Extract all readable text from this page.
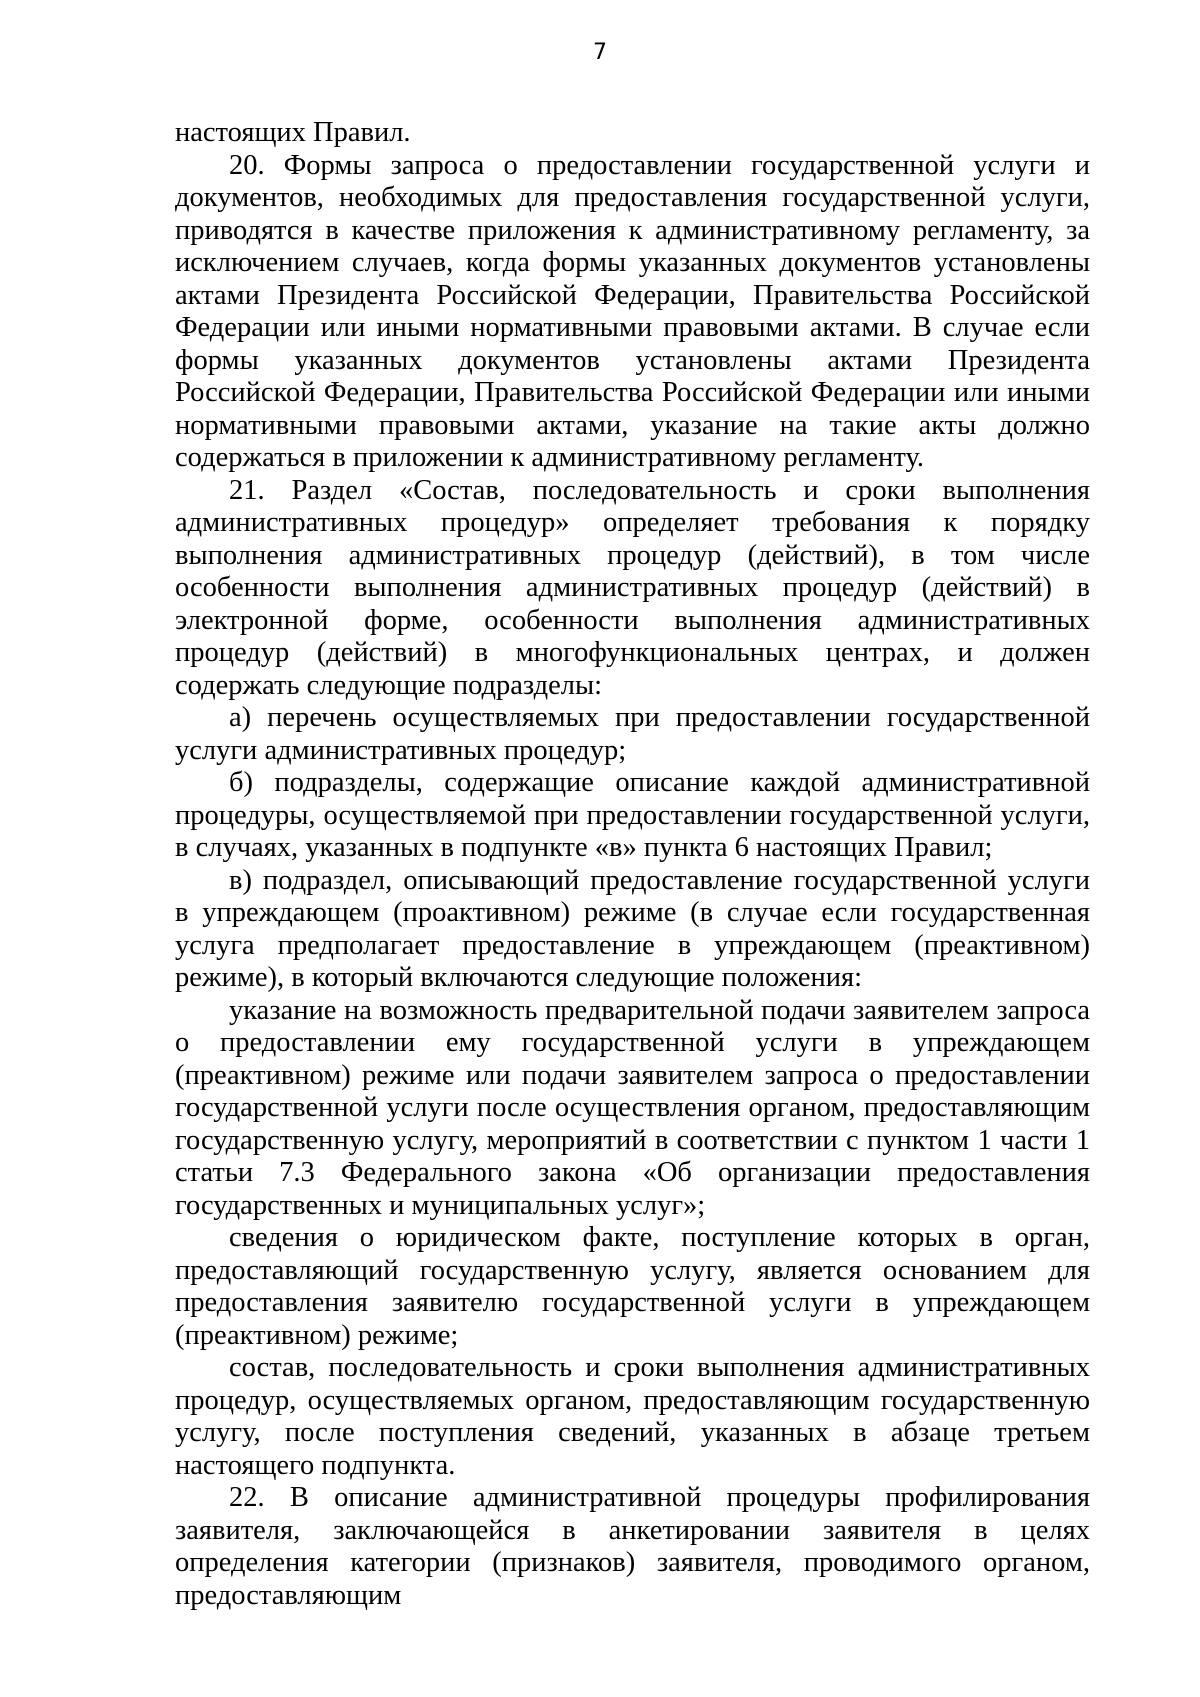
7

настоящих Правил.

20. Формы запроса о предоставлении государственной услуги и документов, необходимых для предоставления государственной услуги, приводятся в качестве приложения к административному регламенту, за исключением случаев, когда формы указанных документов установлены актами Президента Российской Федерации, Правительства Российской Федерации или иными нормативными правовыми актами. В случае если формы указанных документов установлены актами Президента Российской Федерации, Правительства Российской Федерации или иными нормативными правовыми актами, указание на такие акты должно содержаться в приложении к административному регламенту.

21. Раздел «Состав, последовательность и сроки выполнения административных процедур» определяет требования к порядку выполнения административных процедур (действий), в том числе особенности выполнения административных процедур (действий) в электронной форме, особенности выполнения административных процедур (действий) в многофункциональных центрах, и должен содержать следующие подразделы:

а) перечень осуществляемых при предоставлении государственной услуги административных процедур;

б) подразделы, содержащие описание каждой административной процедуры, осуществляемой при предоставлении государственной услуги, в случаях, указанных в подпункте «в» пункта 6 настоящих Правил;

в) подраздел, описывающий предоставление государственной услуги в упреждающем (проактивном) режиме (в случае если государственная услуга предполагает предоставление в упреждающем (преактивном) режиме), в который включаются следующие положения:

указание на возможность предварительной подачи заявителем запроса о предоставлении ему государственной услуги в упреждающем (преактивном) режиме или подачи заявителем запроса о предоставлении государственной услуги после осуществления органом, предоставляющим государственную услугу, мероприятий в соответствии с пунктом 1 части 1 статьи 7.3 Федерального закона «Об организации предоставления государственных и муниципальных услуг»;

сведения о юридическом факте, поступление которых в орган, предоставляющий государственную услугу, является основанием для предоставления заявителю государственной услуги в упреждающем (преактивном) режиме;

состав, последовательность и сроки выполнения административных процедур, осуществляемых органом, предоставляющим государственную услугу, после поступления сведений, указанных в абзаце третьем настоящего подпункта.

22. В описание административной процедуры профилирования заявителя, заключающейся в анкетировании заявителя в целях определения категории (признаков) заявителя, проводимого органом, предоставляющим
